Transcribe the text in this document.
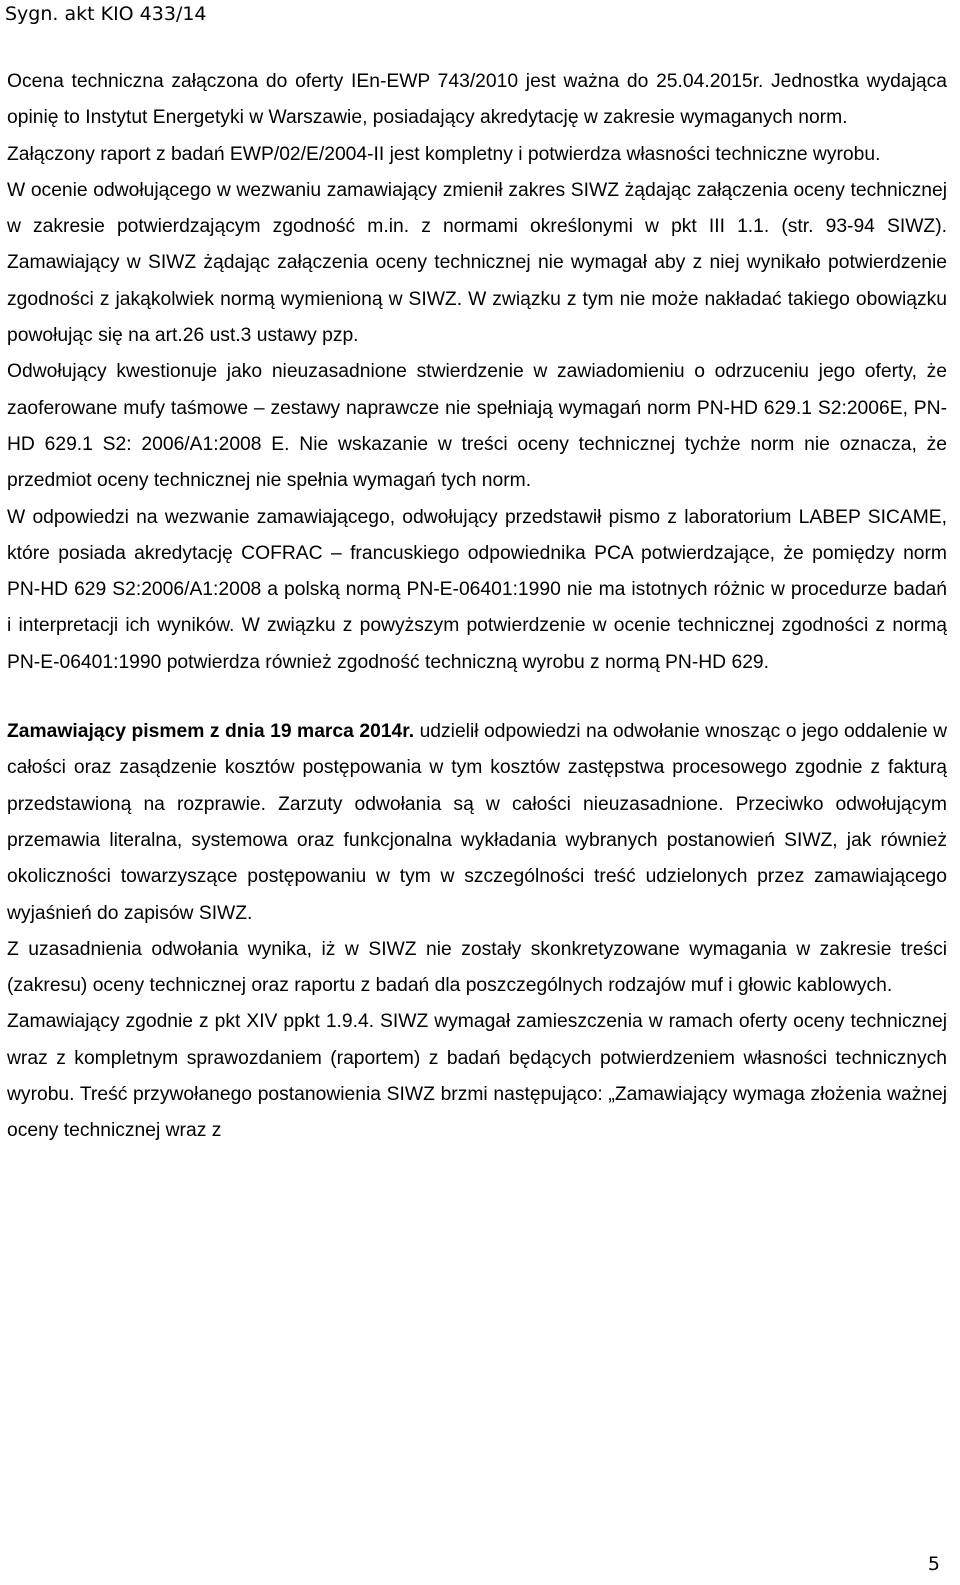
Sygn. akt KIO 433/14

Ocena techniczna załączona do oferty IEn-EWP 743/2010 jest ważna do 25.04.2015r. Jednostka wydająca opinię to Instytut Energetyki w Warszawie, posiadający akredytację w zakresie wymaganych norm.

Załączony raport z badań EWP/02/E/2004-II jest kompletny i potwierdza własności techniczne wyrobu.

W ocenie odwołującego w wezwaniu zamawiający zmienił zakres SIWZ żądając załączenia oceny technicznej w zakresie potwierdzającym zgodność m.in. z normami określonymi w pkt III 1.1. (str. 93-94 SIWZ). Zamawiający w SIWZ żądając załączenia oceny technicznej nie wymagał aby z niej wynikało potwierdzenie zgodności z jakąkolwiek normą wymienioną w SIWZ. W związku z tym nie może nakładać takiego obowiązku powołując się na art.26 ust.3 ustawy pzp.

Odwołujący kwestionuje jako nieuzasadnione stwierdzenie w zawiadomieniu o odrzuceniu jego oferty, że zaoferowane mufy taśmowe – zestawy naprawcze nie spełniają wymagań norm PN-HD 629.1 S2:2006E, PN-HD 629.1 S2: 2006/A1:2008 E. Nie wskazanie w treści oceny technicznej tychże norm nie oznacza, że przedmiot oceny technicznej nie spełnia wymagań tych norm.

W odpowiedzi na wezwanie zamawiającego, odwołujący przedstawił pismo z laboratorium LABEP SICAME, które posiada akredytację COFRAC – francuskiego odpowiednika PCA potwierdzające, że pomiędzy norm PN-HD 629 S2:2006/A1:2008 a polską normą PN-E-06401:1990 nie ma istotnych różnic w procedurze badań i interpretacji ich wyników. W związku z powyższym potwierdzenie w ocenie technicznej zgodności z normą PN-E-06401:1990 potwierdza również zgodność techniczną wyrobu z normą PN-HD 629.

Zamawiający pismem z dnia 19 marca 2014r. udzielił odpowiedzi na odwołanie wnosząc o jego oddalenie w całości oraz zasądzenie kosztów postępowania w tym kosztów zastępstwa procesowego zgodnie z fakturą przedstawioną na rozprawie. Zarzuty odwołania są w całości nieuzasadnione. Przeciwko odwołującym przemawia literalna, systemowa oraz funkcjonalna wykładania wybranych postanowień SIWZ, jak również okoliczności towarzyszące postępowaniu w tym w szczególności treść udzielonych przez zamawiającego wyjaśnień do zapisów SIWZ.

Z uzasadnienia odwołania wynika, iż w SIWZ nie zostały skonkretyzowane wymagania w zakresie treści (zakresu) oceny technicznej oraz raportu z badań dla poszczególnych rodzajów muf i głowic kablowych.

Zamawiający zgodnie z pkt XIV ppkt 1.9.4. SIWZ wymagał zamieszczenia w ramach oferty oceny technicznej wraz z kompletnym sprawozdaniem (raportem) z badań będących potwierdzeniem własności technicznych wyrobu. Treść przywołanego postanowienia SIWZ brzmi następująco: „Zamawiający wymaga złożenia ważnej oceny technicznej wraz z

5
